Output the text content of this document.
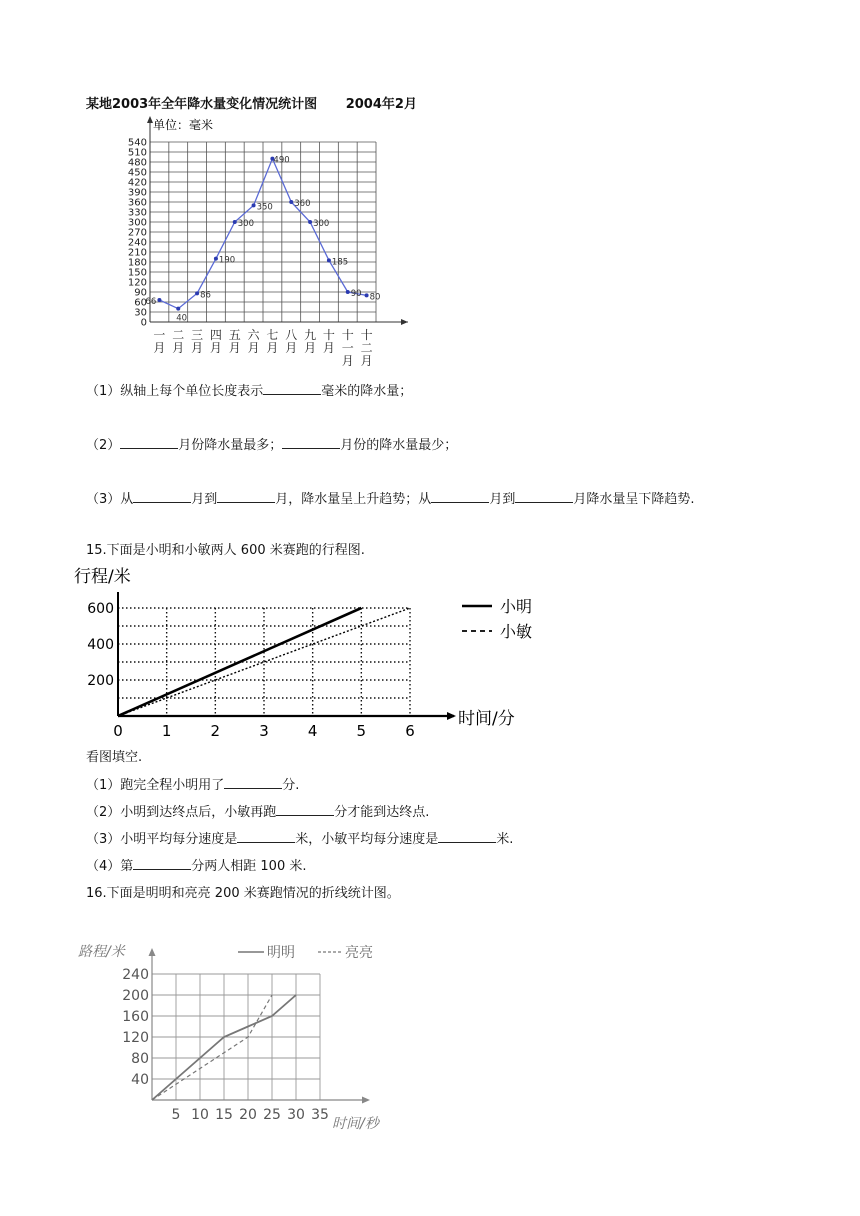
某地2003年全年降水量变化情况统计图 2004年2月
单位：毫米
0
30
60
90
120
150
180
210
240
270
300
330
360
390
420
450
480
510
540
一月
二月
三月
四月
五月
六月
七月
八月
九月
十月
十一月
十二月
66
40
86
190
300
350
490
360
300
185
90 80
（1）纵轴上每个单位长度表示	毫米的降水量；
（2）	月份降水量最多；	月份的降水量最少；
（3）从	月到	月，降水量呈上升趋势；从	月到	月降水量呈下降趋势.
15.下面是小明和小敏两人 600 米赛跑的行程图.
行程/米
时间/分
200
400
600
0	1	2	3	4	5	6
小明
小敏
看图填空.
（1）跑完全程小明用了	分.
（2）小明到达终点后，小敏再跑	分才能到达终点.
（3）小明平均每分速度是	米，小敏平均每分速度是	米.
（4）第	分两人相距 100 米.
16.下面是明明和亮亮 200 米赛跑情况的折线统计图。
路程/米
时间/秒
40
80
120
160
200
240
5 10 15 20 25 30 35
明明	亮亮
